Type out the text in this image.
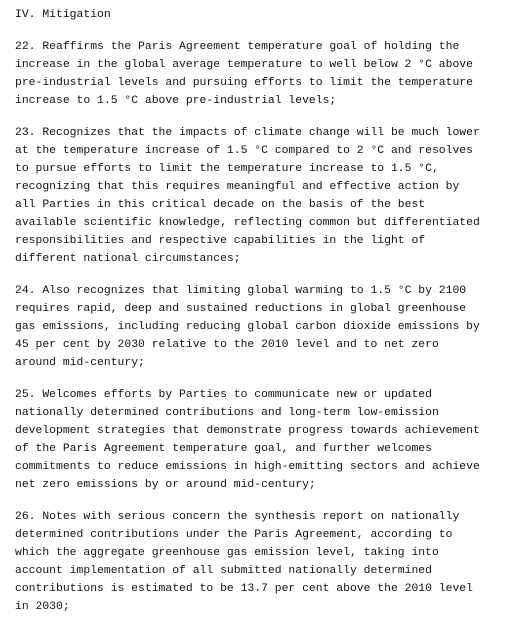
IV. Mitigation
22. Reaffirms the Paris Agreement temperature goal of holding the
increase in the global average temperature to well below 2 °C above
pre-industrial levels and pursuing efforts to limit the temperature
increase to 1.5 °C above pre-industrial levels;
23. Recognizes that the impacts of climate change will be much lower
at the temperature increase of 1.5 °C compared to 2 °C and resolves
to pursue efforts to limit the temperature increase to 1.5 °C,
recognizing that this requires meaningful and effective action by
all Parties in this critical decade on the basis of the best
available scientific knowledge, reflecting common but differentiated
responsibilities and respective capabilities in the light of
different national circumstances;
24. Also recognizes that limiting global warming to 1.5 °C by 2100
requires rapid, deep and sustained reductions in global greenhouse
gas emissions, including reducing global carbon dioxide emissions by
45 per cent by 2030 relative to the 2010 level and to net zero
around mid-century;
25. Welcomes efforts by Parties to communicate new or updated
nationally determined contributions and long-term low-emission
development strategies that demonstrate progress towards achievement
of the Paris Agreement temperature goal, and further welcomes
commitments to reduce emissions in high-emitting sectors and achieve
net zero emissions by or around mid-century;
26. Notes with serious concern the synthesis report on nationally
determined contributions under the Paris Agreement, according to
which the aggregate greenhouse gas emission level, taking into
account implementation of all submitted nationally determined
contributions is estimated to be 13.7 per cent above the 2010 level
in 2030;
